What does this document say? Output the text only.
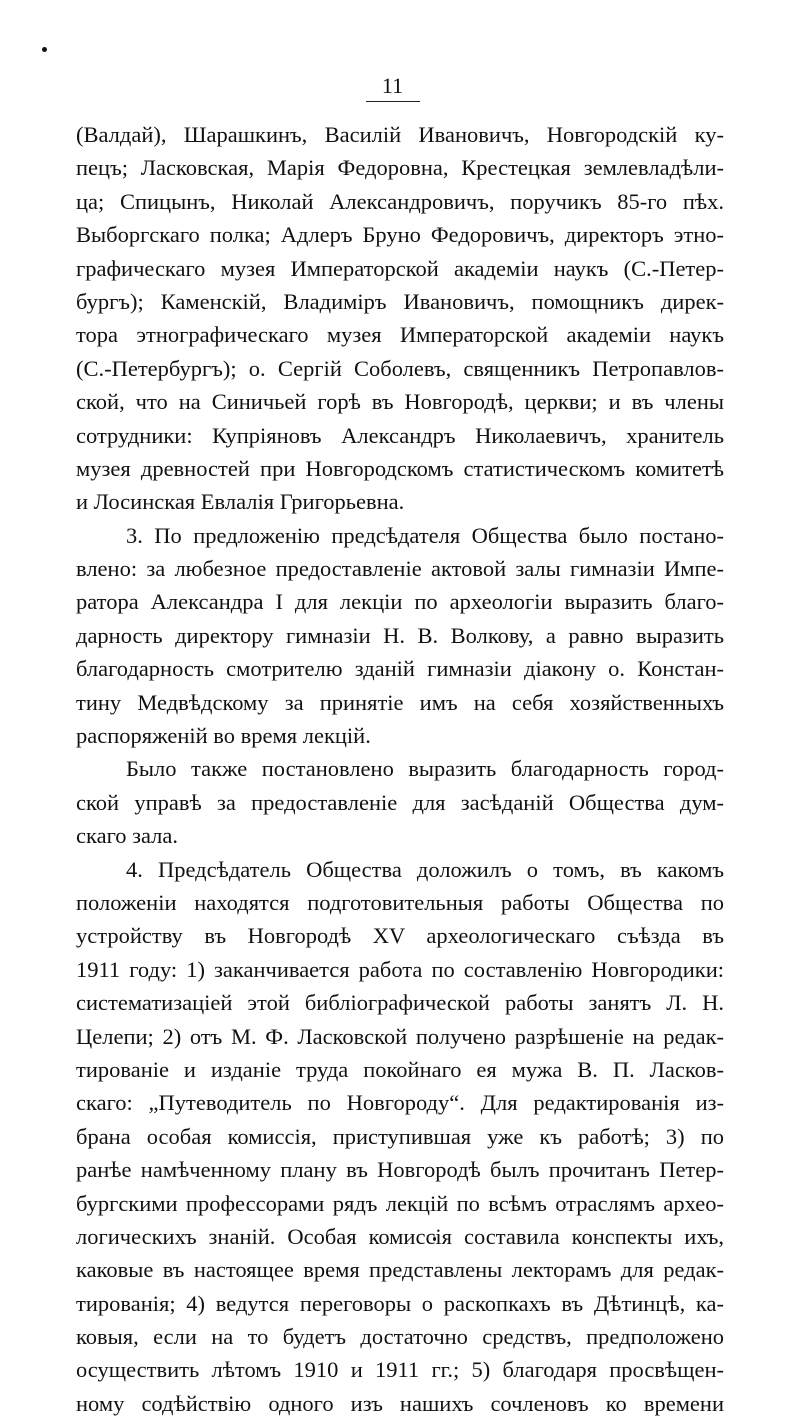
11
(Валдай), Шарашкинъ, Василій Ивановичъ, Новгородскій ку-
пецъ; Ласковская, Марія Федоровна, Крестецкая землевладѣли-
ца; Спицынъ, Николай Александровичъ, поручикъ 85-го пѣх.
Выборгскаго полка; Адлеръ Бруно Федоровичъ, директоръ этно-
графическаго музея Императорской академіи наукъ (С.-Петер-
бургъ); Каменскій, Владиміръ Ивановичъ, помощникъ дирек-
тора этнографическаго музея Императорской академіи наукъ
(С.-Петербургъ); о. Сергій Соболевъ, священникъ Петропавлов-
ской, что на Синичьей горѣ въ Новгородѣ, церкви; и въ члены
сотрудники: Купріяновъ Александръ Николаевичъ, хранитель
музея древностей при Новгородскомъ статистическомъ комитетѣ
и Лосинская Евлалія Григорьевна.
3. По предложенію предсѣдателя Общества было постано-
влено: за любезное предоставленіе актовой залы гимназіи Импе-
ратора Александра I для лекціи по археологіи выразить благо-
дарность директору гимназіи Н. В. Волкову, а равно выразить
благодарность смотрителю зданій гимназіи діакону о. Констан-
тину Медвѣдскому за принятіе имъ на себя хозяйственныхъ
распоряженій во время лекцій.
Было также постановлено выразить благодарность город-
ской управѣ за предоставленіе для засѣданій Общества дум-
скаго зала.
4. Предсѣдатель Общества доложилъ о томъ, въ какомъ
положеніи находятся подготовительныя работы Общества по
устройству въ Новгородѣ XV археологическаго съѣзда въ
1911 году: 1) заканчивается работа по составленію Новгородики:
систематизаціей этой библіографической работы занятъ Л. Н.
Целепи; 2) отъ М. Ф. Ласковской получено разрѣшеніе на редак-
тированіе и изданіе труда покойнаго ея мужа В. П. Ласков-
скаго: „Путеводитель по Новгороду“. Для редактированія из-
брана особая комиссія, приступившая уже къ работѣ; 3) по
ранѣе намѣченному плану въ Новгородѣ былъ прочитанъ Петер-
бургскими профессорами рядъ лекцій по всѣмъ отраслямъ археo-
логическихъ знаній. Особая комиссія составила конспекты ихъ,
каковые въ настоящее время представлены лекторамъ для редак-
тированія; 4) ведутся переговоры о раскопкахъ въ Дѣтинцѣ, ка-
ковыя, если на то будетъ достаточно средствъ, предположено
осуществить лѣтомъ 1910 и 1911 гг.; 5) благодаря просвѣщен-
ному содѣйствію одного изъ нашихъ сочленовъ ко времени
